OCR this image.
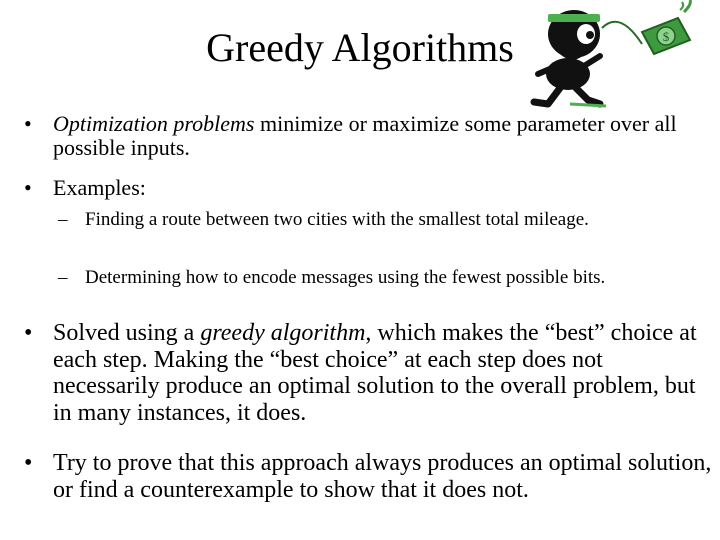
Greedy Algorithms	$
• Optimization problems minimize or maximize some parameter over all possible inputs.
• Examples:
– Finding a route between two cities with the smallest total mileage.
– Determining how to encode messages using the fewest possible bits.
• Solved using a greedy algorithm, which makes the “best” choice at each step. Making the “best choice” at each step does not necessarily produce an optimal solution to the overall problem, but in many instances, it does.
• Try to prove that this approach always produces an optimal solution, or find a counterexample to show that it does not.
